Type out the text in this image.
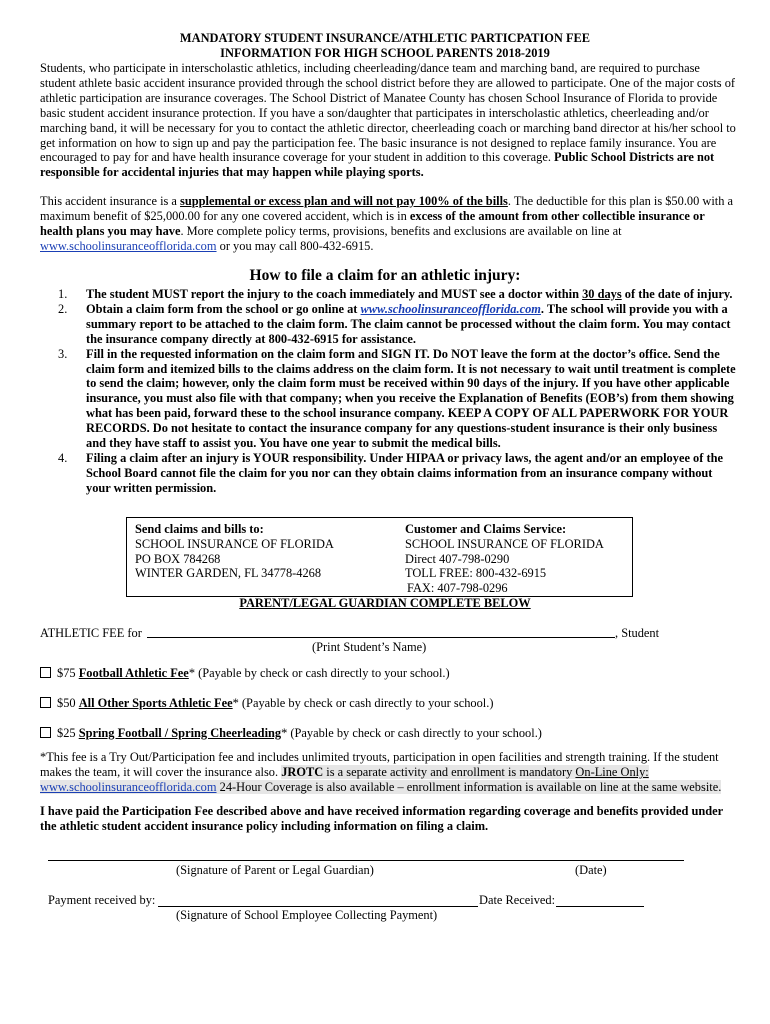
MANDATORY STUDENT INSURANCE/ATHLETIC PARTICPATION FEE
INFORMATION FOR HIGH SCHOOL PARENTS 2018-2019
Students, who participate in interscholastic athletics, including cheerleading/dance team and marching band, are required to purchase student athlete basic accident insurance provided through the school district before they are allowed to participate. One of the major costs of athletic participation are insurance coverages. The School District of Manatee County has chosen School Insurance of Florida to provide basic student accident insurance protection. If you have a son/daughter that participates in interscholastic athletics, cheerleading and/or marching band, it will be necessary for you to contact the athletic director, cheerleading coach or marching band director at his/her school to get information on how to sign up and pay the participation fee. The basic insurance is not designed to replace family insurance. You are encouraged to pay for and have health insurance coverage for your student in addition to this coverage. Public School Districts are not responsible for accidental injuries that may happen while playing sports.
This accident insurance is a supplemental or excess plan and will not pay 100% of the bills. The deductible for this plan is $50.00 with a maximum benefit of $25,000.00 for any one covered accident, which is in excess of the amount from other collectible insurance or health plans you may have. More complete policy terms, provisions, benefits and exclusions are available on line at www.schoolinsuranceofflorida.com or you may call 800-432-6915.
How to file a claim for an athletic injury:
1. The student MUST report the injury to the coach immediately and MUST see a doctor within 30 days of the date of injury.
2. Obtain a claim form from the school or go online at www.schoolinsuranceofflorida.com. The school will provide you with a summary report to be attached to the claim form. The claim cannot be processed without the claim form. You may contact the insurance company directly at 800-432-6915 for assistance.
3. Fill in the requested information on the claim form and SIGN IT. Do NOT leave the form at the doctor’s office. Send the claim form and itemized bills to the claims address on the claim form. It is not necessary to wait until treatment is complete to send the claim; however, only the claim form must be received within 90 days of the injury. If you have other applicable insurance, you must also file with that company; when you receive the Explanation of Benefits (EOB’s) from them showing what has been paid, forward these to the school insurance company. KEEP A COPY OF ALL PAPERWORK FOR YOUR RECORDS. Do not hesitate to contact the insurance company for any questions-student insurance is their only business and they have staff to assist you. You have one year to submit the medical bills.
4. Filing a claim after an injury is YOUR responsibility. Under HIPAA or privacy laws, the agent and/or an employee of the School Board cannot file the claim for you nor can they obtain claims information from an insurance company without your written permission.
Send claims and bills to:
SCHOOL INSURANCE OF FLORIDA
PO BOX 784268
WINTER GARDEN, FL 34778-4268
Customer and Claims Service:
SCHOOL INSURANCE OF FLORIDA
Direct 407-798-0290
TOLL FREE: 800-432-6915
FAX: 407-798-0296
PARENT/LEGAL GUARDIAN COMPLETE BELOW
ATHLETIC FEE for	, Student
(Print Student’s Name)
$75 Football Athletic Fee* (Payable by check or cash directly to your school.)
$50 All Other Sports Athletic Fee* (Payable by check or cash directly to your school.)
$25 Spring Football / Spring Cheerleading* (Payable by check or cash directly to your school.)
*This fee is a Try Out/Participation fee and includes unlimited tryouts, participation in open facilities and strength training. If the student makes the team, it will cover the insurance also. JROTC is a separate activity and enrollment is mandatory On-Line Only: www.schoolinsuranceofflorida.com 24-Hour Coverage is also available – enrollment information is available on line at the same website.
I have paid the Participation Fee described above and have received information regarding coverage and benefits provided under the athletic student accident insurance policy including information on filing a claim.
(Signature of Parent or Legal Guardian)	(Date)
Payment received by:	Date Received:
(Signature of School Employee Collecting Payment)
